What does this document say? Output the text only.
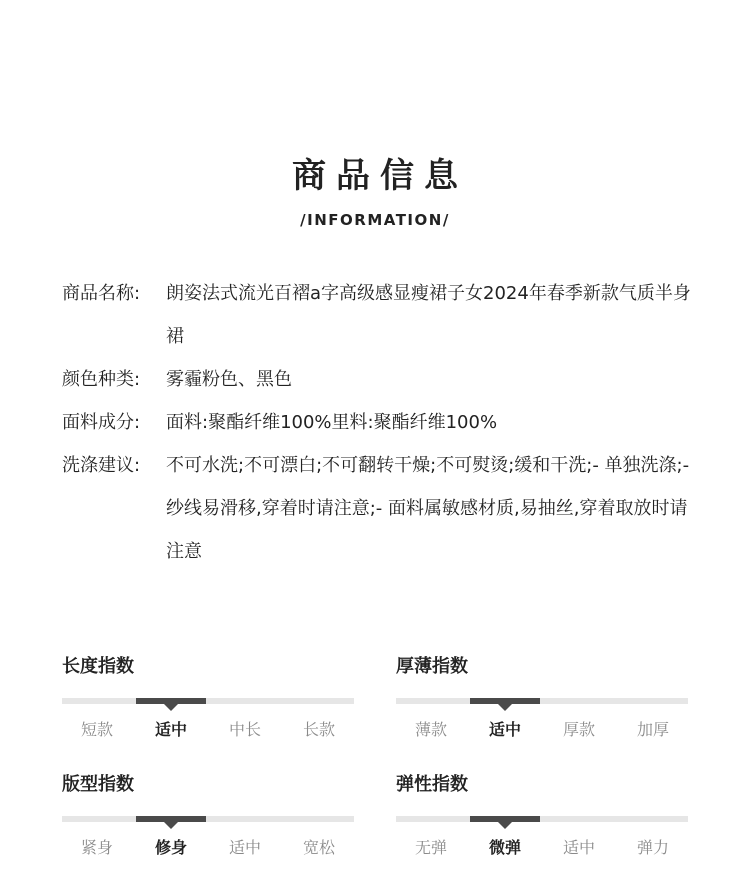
商品信息
/INFORMATION/
商品名称:	朗姿法式流光百褶a字高级感显瘦裙子女2024年春季新款气质半身裙
颜色种类:	雾霾粉色、黑色
面料成分:	面料:聚酯纤维100%里料:聚酯纤维100%
洗涤建议:	不可水洗;不可漂白;不可翻转干燥;不可熨烫;缓和干洗;- 单独洗涤;- 纱线易滑移,穿着时请注意;- 面料属敏感材质,易抽丝,穿着取放时请注意
长度指数
短款	适中	中长	长款
厚薄指数
薄款	适中	厚款	加厚
版型指数
紧身	修身	适中	宽松
弹性指数
无弹	微弹	适中	弹力
